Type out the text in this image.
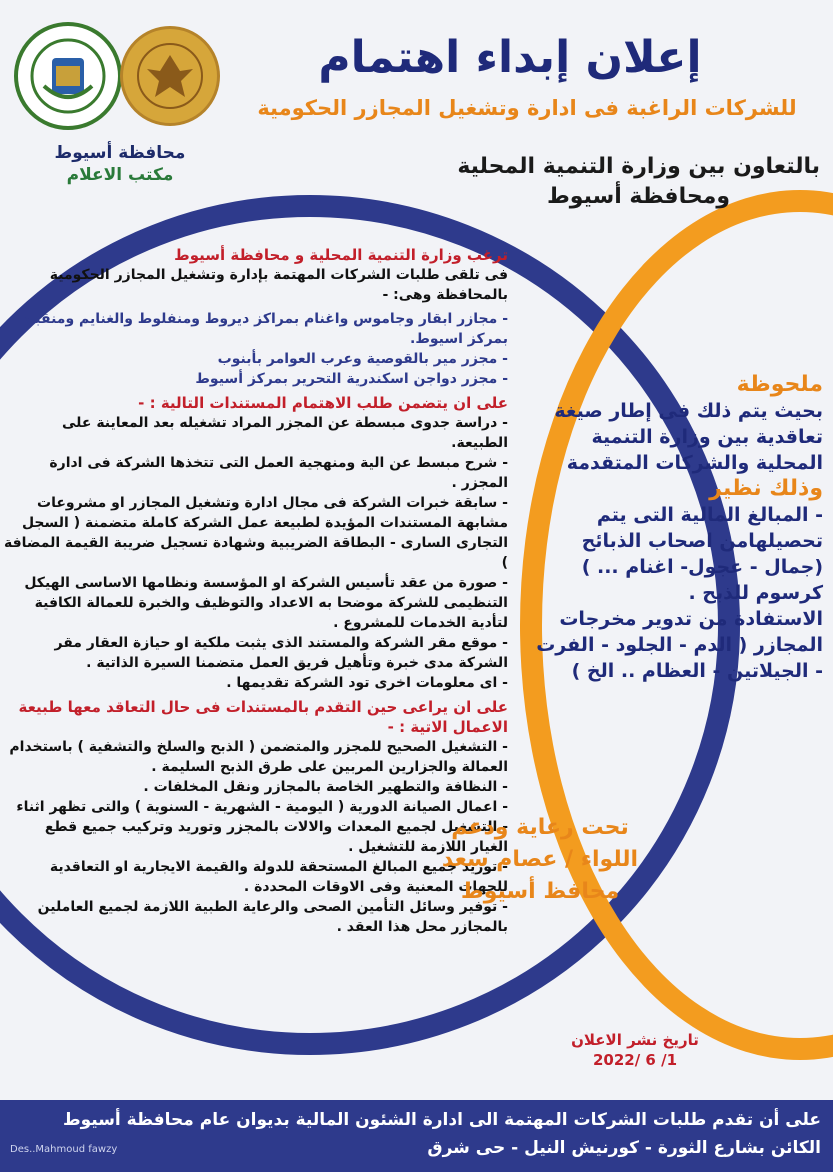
محافظة أسيوط
مكتب الاعلام
إعلان إبداء اهتمام
للشركات الراغبة فى ادارة وتشغيل المجازر الحكومية
بالتعاون بين وزارة التنمية المحلية
ومحافظة أسيوط
ترغب وزارة التنمية المحلية و محافظة أسيوط
فى تلقى طلبات الشركات المهتمة بإدارة وتشغيل المجازر الحكومية بالمحافظة وهى: -

- مجازر ابقار وجاموس واغنام بمراكز ديروط ومنفلوط والغنايم ومنقباد بمركز اسيوط.

- مجزر مير بالقوصية وعرب العوامر بأبنوب

- مجزر دواجن اسكندرية التحرير بمركز أسيوط

على ان يتضمن طلب الاهتمام المستندات التالية : -

- دراسة جدوى مبسطة عن المجزر المراد تشغيله بعد المعاينة على الطبيعة.

- شرح مبسط عن الية ومنهجية العمل التى تتخذها الشركة فى ادارة المجزر .

- سابقة خبرات الشركة فى مجال ادارة وتشغيل المجازر او مشروعات مشابهة المستندات المؤيدة لطبيعة عمل الشركة كاملة متضمنة ( السجل التجارى السارى - البطاقة الضريبية وشهادة تسجيل ضريبة القيمة المضافة )

- صورة من عقد تأسيس الشركة او المؤسسة ونظامها الاساسى الهيكل التنظيمى للشركة موضحا به الاعداد والتوظيف والخبرة للعمالة الكافية لتأدية الخدمات للمشروع .

- موقع مقر الشركة والمستند الذى يثبت ملكية او حيازة العقار مقر الشركة مدى خبرة وتأهيل فريق العمل متضمنا السيرة الذاتية .

- اى معلومات اخرى تود الشركة تقديمها .

على ان يراعى حين التقدم بالمستندات فى حال التعاقد معها طبيعة الاعمال الاتية : -

- التشغيل الصحيح للمجزر والمتضمن ( الذبح والسلخ والتشفية ) باستخدام العمالة والجزارين المربين على طرق الذبح السليمة .

- النظافة والتطهير الخاصة بالمجازر ونقل المخلفات .

- اعمال الصيانة الدورية ( اليومية - الشهرية - السنوية ) والتى تظهر اثناء

- التشغيل لجميع المعدات والالات بالمجزر وتوريد وتركيب جميع قطع الغيار اللازمة للتشغيل .

- توريد جميع المبالغ المستحقة للدولة والقيمة الايجارية او التعاقدية للجهات المعنية وفى الاوقات المحددة .

- توفير وسائل التأمين الصحى والرعاية الطبية اللازمة لجميع العاملين بالمجازر محل هذا العقد .

ملحوظة
بحيث يتم ذلك فى إطار صيغة تعاقدية بين وزارة التنمية المحلية والشركات المتقدمة
وذلك نظير
- المبالغ المالية التى يتم تحصيلهامن اصحاب الذبائح (جمال - عجول- اغنام ... ) كرسوم للذبح .
الاستفادة من تدوير مخرجات المجازر ( الدم - الجلود - الفرت - الجيلاتين - العظام .. الخ )
تحت رعاية ودعم
اللواء / عصام سعد
محافظ أسيوط
تاريخ نشر الاعلان
2022/ 6 /1
على أن تقدم طلبات الشركات المهتمة الى ادارة الشئون المالية بديوان عام محافظة أسيوط
الكائن بشارع الثورة - كورنيش النيل - حى شرق
Des..Mahmoud fawzy
